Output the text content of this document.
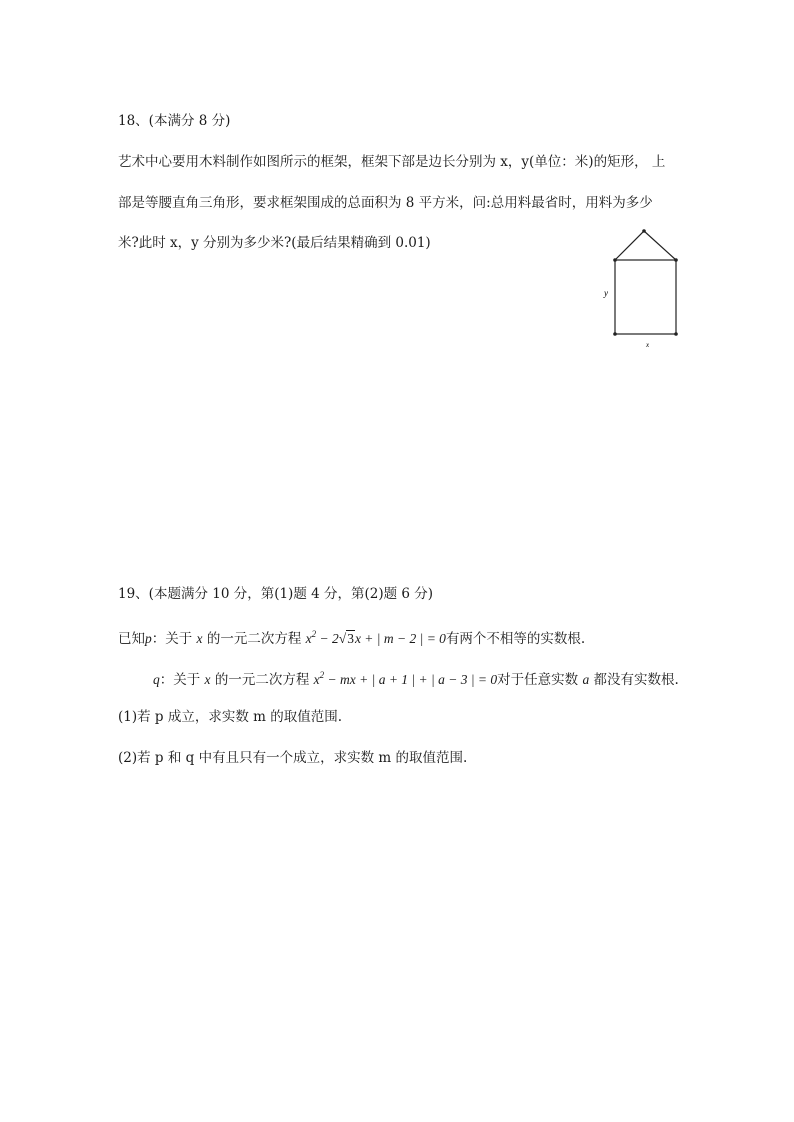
18、(本满分 8 分)
艺术中心要用木料制作如图所示的框架，框架下部是边长分别为 x，y(单位：米)的矩形， 上
部是等腰直角三角形，要求框架围成的总面积为 8 平方米，问:总用料最省时，用料为多少
米?此时 x，y 分别为多少米?(最后结果精确到 0.01)
y
x
19、(本题满分 10 分，第(1)题 4 分，第(2)题 6 分)
已知p：关于 x 的一元二次方程 $x^2 - 2√3x$ + | m − 2 | = 0有两个不相等的实数根.
q：关于 x 的一元二次方程 $x^2$ − mx + | a + 1 | + | a − 3 | = 0对于任意实数 a 都没有实数根.
(1)若 p 成立，求实数 m 的取值范围.
(2)若 p 和 q 中有且只有一个成立，求实数 m 的取值范围.
